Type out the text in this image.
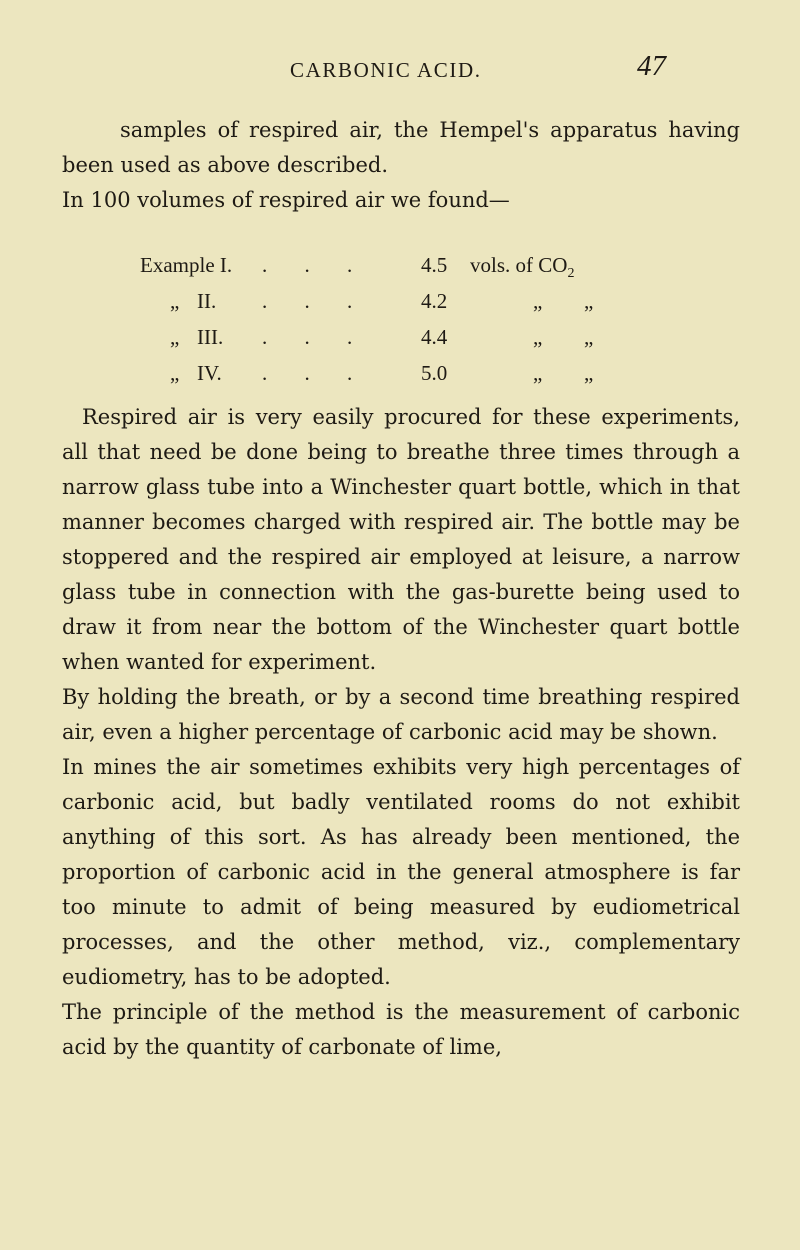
CARBONIC ACID.	47

samples of respired air, the Hempel's apparatus having been used as above described.

In 100 volumes of respired air we found—

Example I. . . .	4.5 vols. of $CO_2$
„ II. . . .	4.2	„ „
„ III. . . .	4.4	„ „
„ IV. . . .	5.0	„ „

Respired air is very easily procured for these experiments, all that need be done being to breathe three times through a narrow glass tube into a Winchester quart bottle, which in that manner becomes charged with respired air. The bottle may be stoppered and the respired air employed at leisure, a narrow glass tube in connection with the gas-burette being used to draw it from near the bottom of the Winchester quart bottle when wanted for experiment.

By holding the breath, or by a second time breathing respired air, even a higher percentage of carbonic acid may be shown.

In mines the air sometimes exhibits very high percentages of carbonic acid, but badly ventilated rooms do not exhibit anything of this sort. As has already been mentioned, the proportion of carbonic acid in the general atmosphere is far too minute to admit of being measured by eudiometrical processes, and the other method, viz., complementary eudiometry, has to be adopted.

The principle of the method is the measurement of carbonic acid by the quantity of carbonate of lime,
